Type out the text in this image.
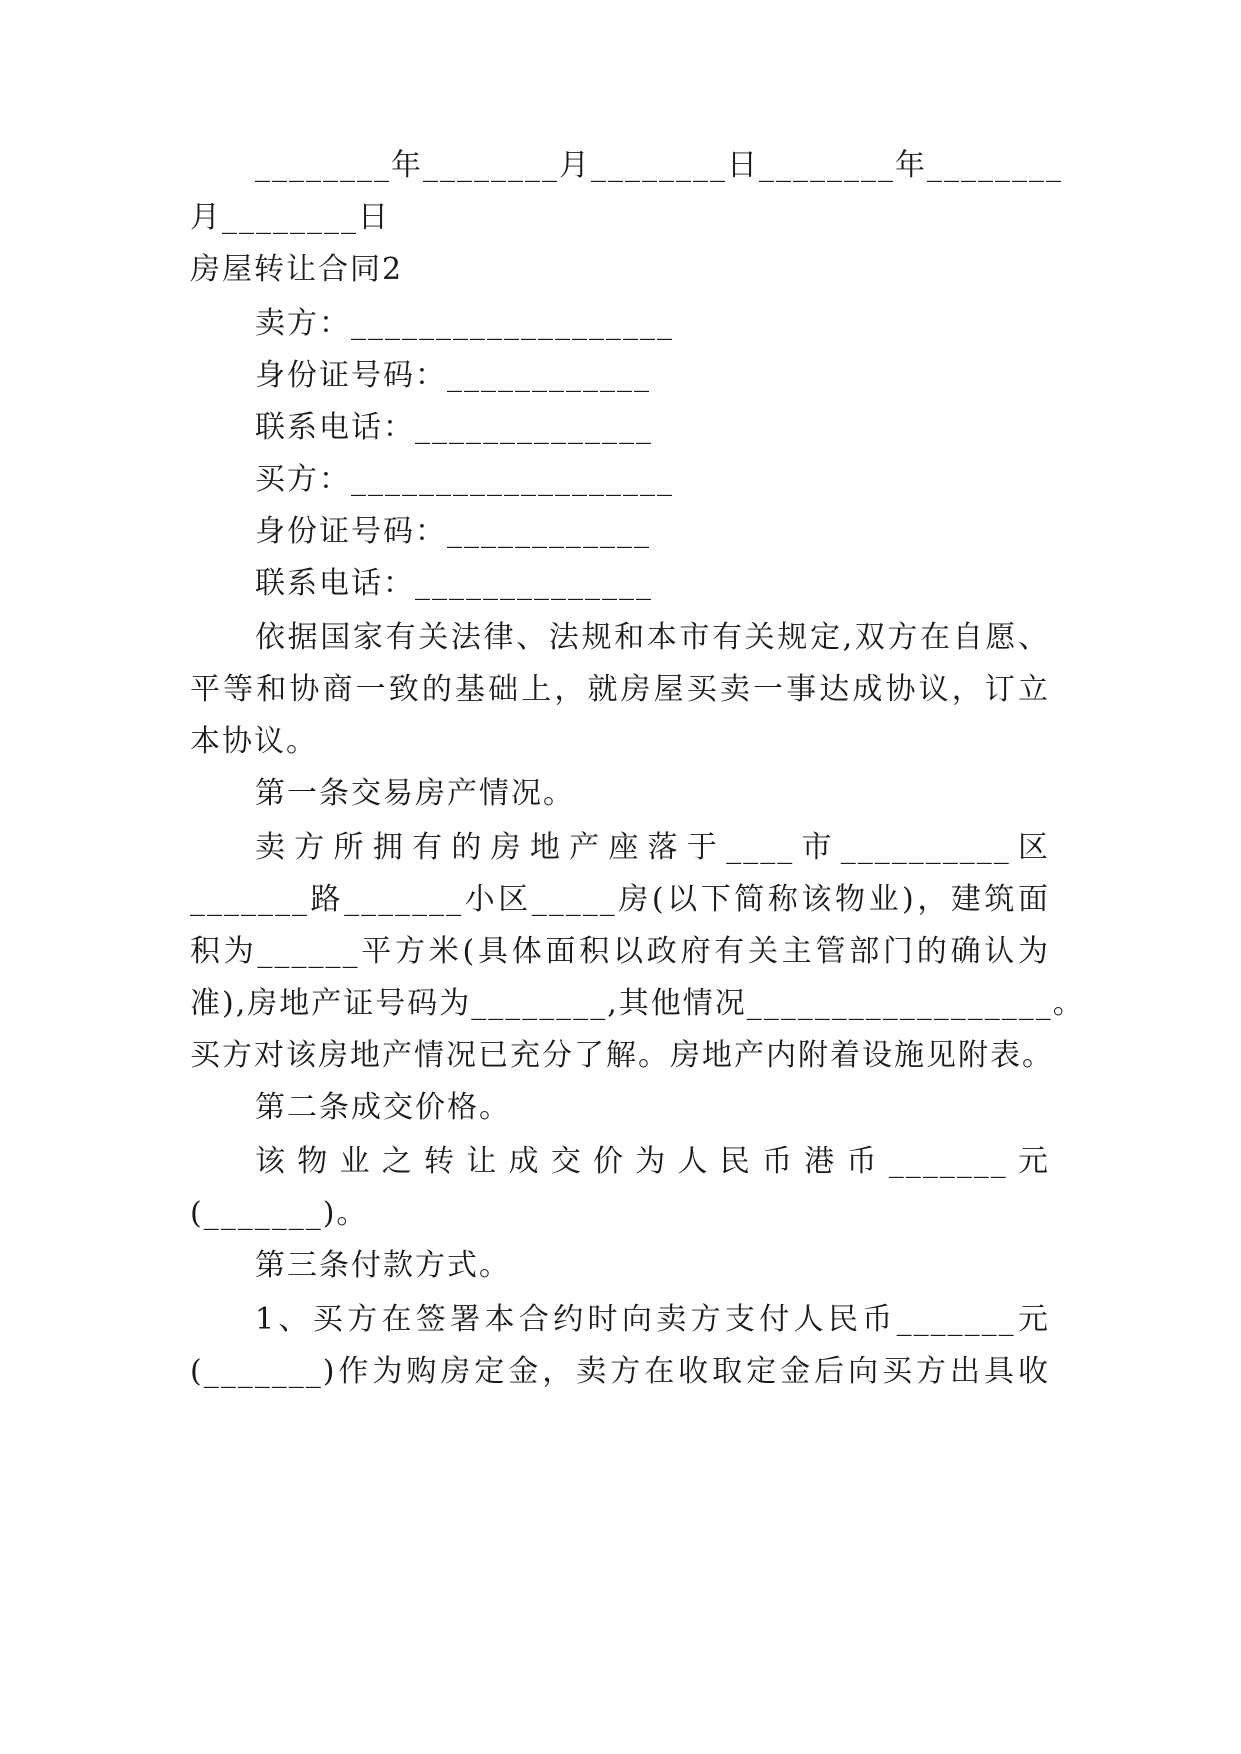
________年________月________日________年________
月________日
房屋转让合同2
卖方：___________________
身份证号码：____________
联系电话：______________
买方：___________________
身份证号码：____________
联系电话：______________
依据国家有关法律、法规和本市有关规定,双方在自愿、
平等和协商一致的基础上，就房屋买卖一事达成协议，订立
本协议。
第一条交易房产情况。
卖方所拥有的房地产座落于____市__________区
_______路_______小区_____房(以下简称该物业)，建筑面
积为______平方米(具体面积以政府有关主管部门的确认为
准),房地产证号码为________,其他情况__________________。
买方对该房地产情况已充分了解。房地产内附着设施见附表。
第二条成交价格。
该物业之转让成交价为人民币港币_______元
(_______)。
第三条付款方式。
1、买方在签署本合约时向卖方支付人民币_______元
(_______)作为购房定金，卖方在收取定金后向买方出具收
